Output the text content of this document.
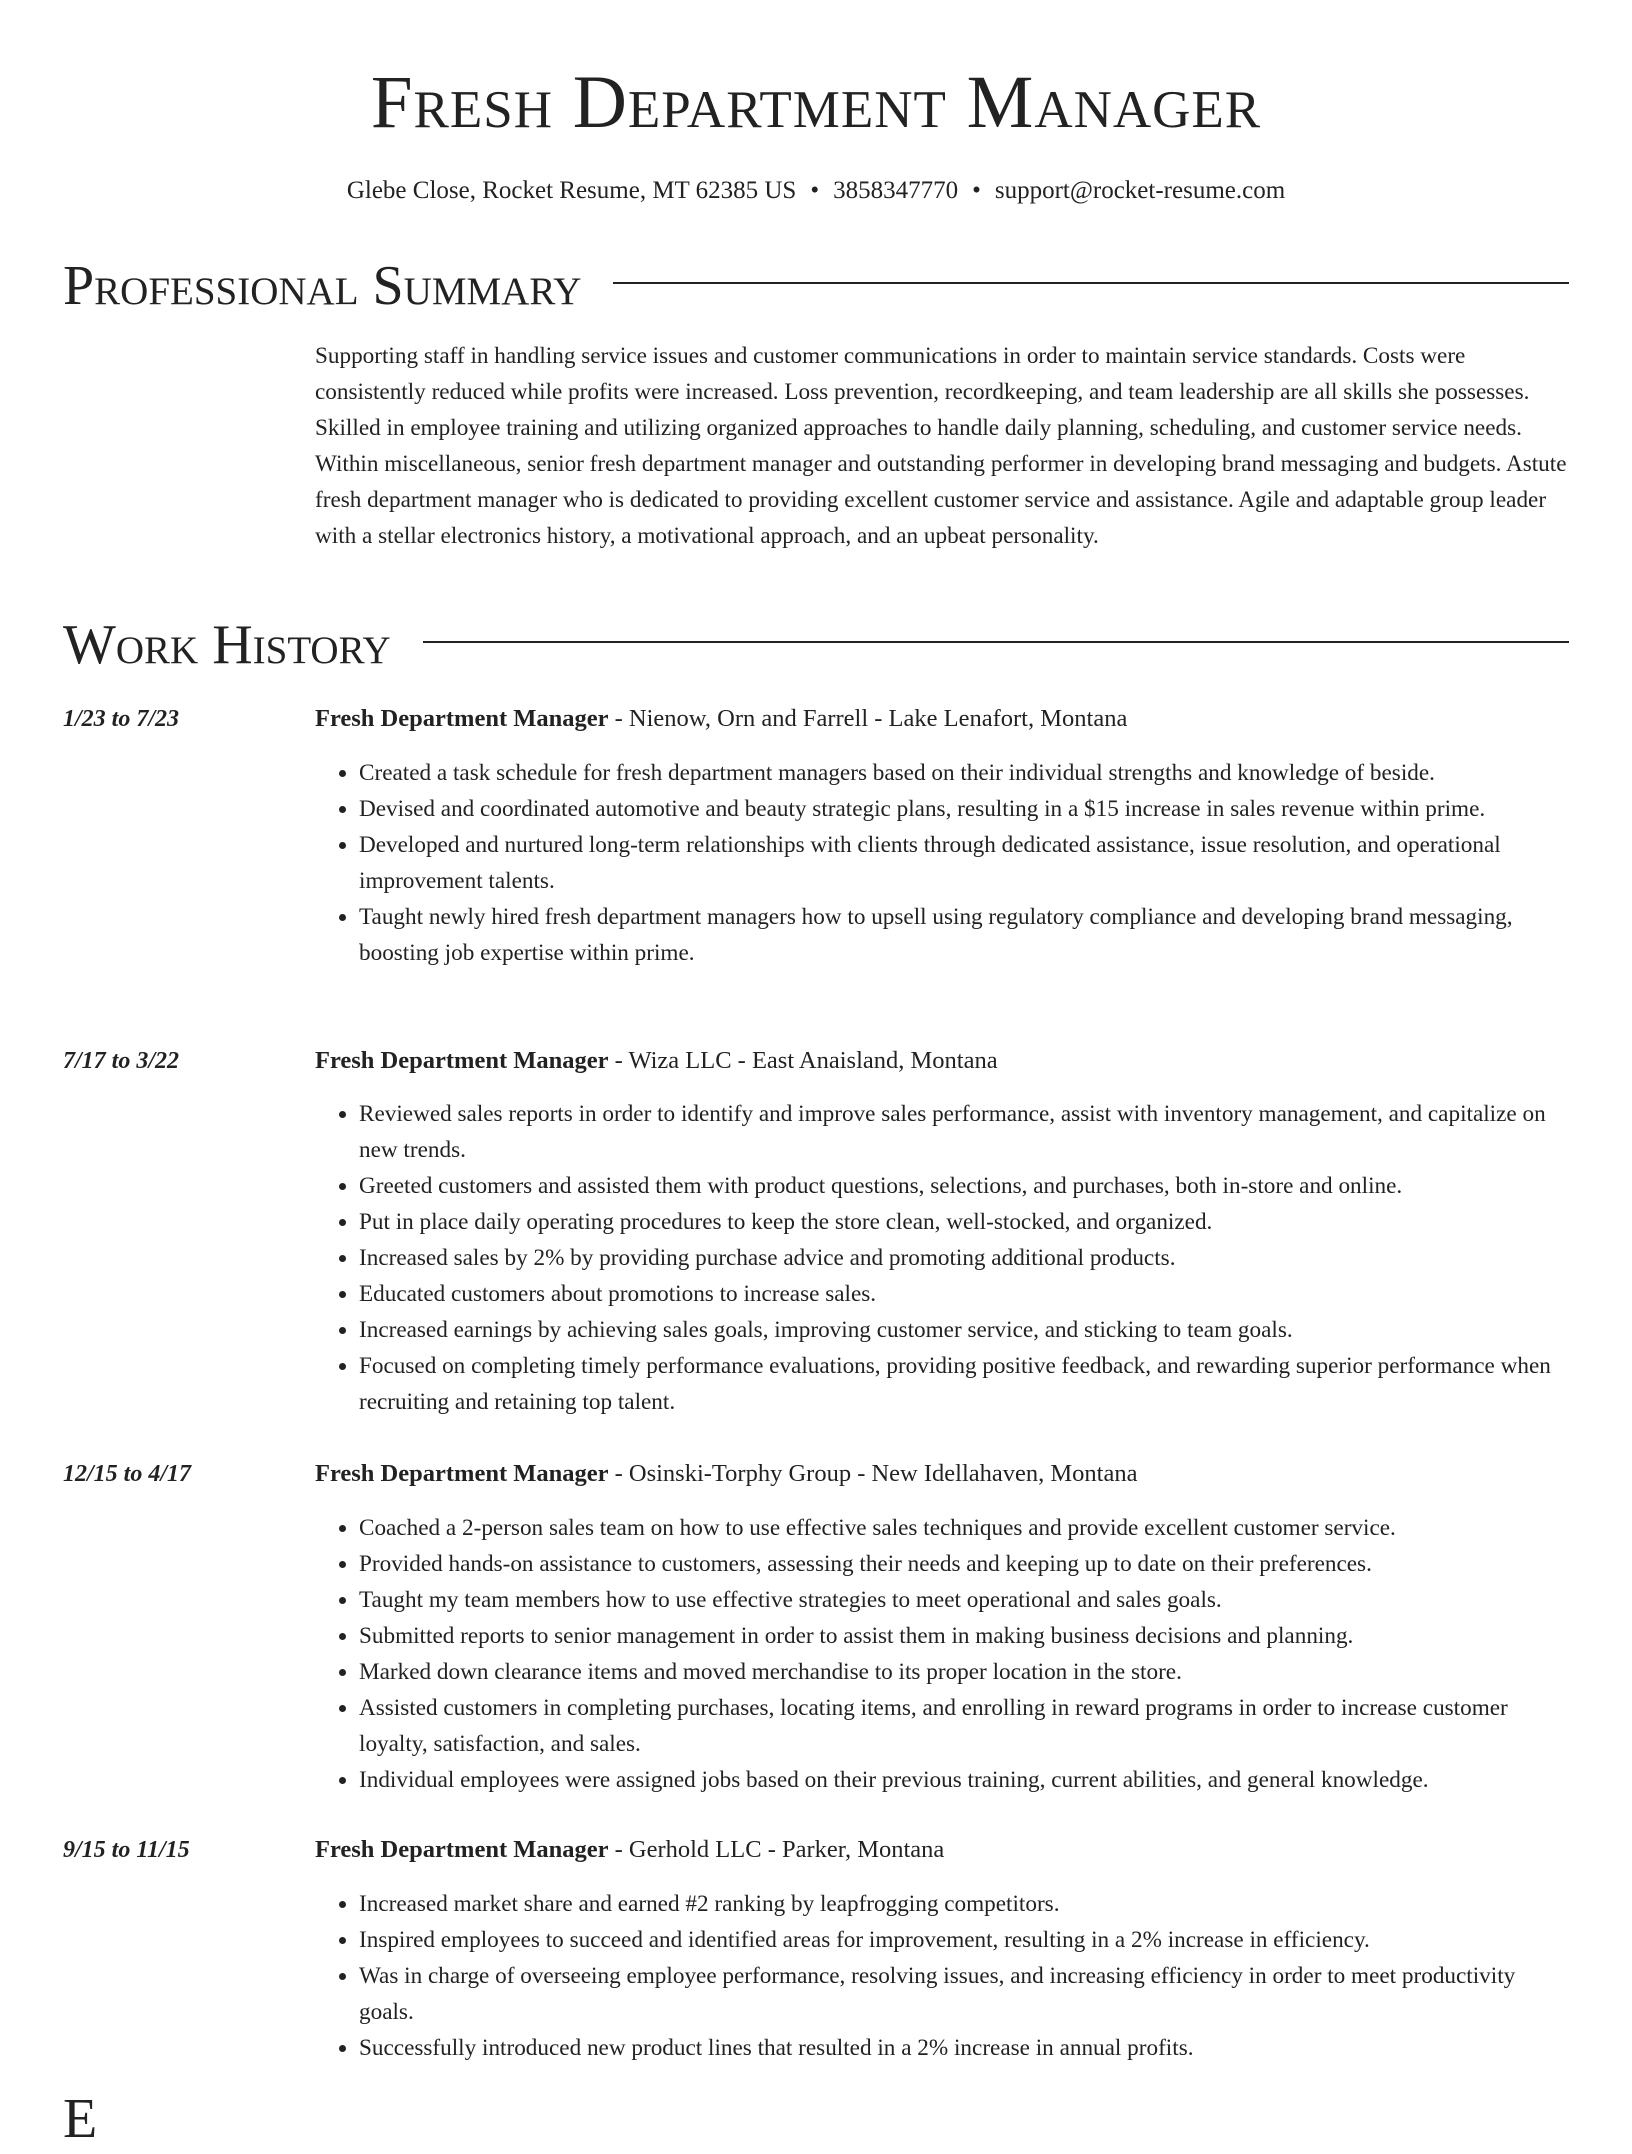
Fresh Department Manager
Glebe Close, Rocket Resume, MT 62385 US • 3858347770 • support@rocket-resume.com
Professional Summary

Supporting staff in handling service issues and customer communications in order to maintain service standards. Costs were consistently reduced while profits were increased. Loss prevention, recordkeeping, and team leadership are all skills she possesses. Skilled in employee training and utilizing organized approaches to handle daily planning, scheduling, and customer service needs. Within miscellaneous, senior fresh department manager and outstanding performer in developing brand messaging and budgets. Astute fresh department manager who is dedicated to providing excellent customer service and assistance. Agile and adaptable group leader with a stellar electronics history, a motivational approach, and an upbeat personality.

Work History
1/23 to 7/23	Fresh Department Manager - Nienow, Orn and Farrell - Lake Lenafort, Montana
• Created a task schedule for fresh department managers based on their individual strengths and knowledge of beside.
• Devised and coordinated automotive and beauty strategic plans, resulting in a $15 increase in sales revenue within prime.
• Developed and nurtured long-term relationships with clients through dedicated assistance, issue resolution, and operational improvement talents.
• Taught newly hired fresh department managers how to upsell using regulatory compliance and developing brand messaging, boosting job expertise within prime.
7/17 to 3/22	Fresh Department Manager - Wiza LLC - East Anaisland, Montana
• Reviewed sales reports in order to identify and improve sales performance, assist with inventory management, and capitalize on new trends.
• Greeted customers and assisted them with product questions, selections, and purchases, both in-store and online.
• Put in place daily operating procedures to keep the store clean, well-stocked, and organized.
• Increased sales by 2% by providing purchase advice and promoting additional products.
• Educated customers about promotions to increase sales.
• Increased earnings by achieving sales goals, improving customer service, and sticking to team goals.
• Focused on completing timely performance evaluations, providing positive feedback, and rewarding superior performance when recruiting and retaining top talent.
12/15 to 4/17	Fresh Department Manager - Osinski-Torphy Group - New Idellahaven, Montana
• Coached a 2-person sales team on how to use effective sales techniques and provide excellent customer service.
• Provided hands-on assistance to customers, assessing their needs and keeping up to date on their preferences.
• Taught my team members how to use effective strategies to meet operational and sales goals.
• Submitted reports to senior management in order to assist them in making business decisions and planning.
• Marked down clearance items and moved merchandise to its proper location in the store.
• Assisted customers in completing purchases, locating items, and enrolling in reward programs in order to increase customer loyalty, satisfaction, and sales.
• Individual employees were assigned jobs based on their previous training, current abilities, and general knowledge.
9/15 to 11/15	Fresh Department Manager - Gerhold LLC - Parker, Montana
• Increased market share and earned #2 ranking by leapfrogging competitors.
• Inspired employees to succeed and identified areas for improvement, resulting in a 2% increase in efficiency.
• Was in charge of overseeing employee performance, resolving issues, and increasing efficiency in order to meet productivity goals.
• Successfully introduced new product lines that resulted in a 2% increase in annual profits.
E
